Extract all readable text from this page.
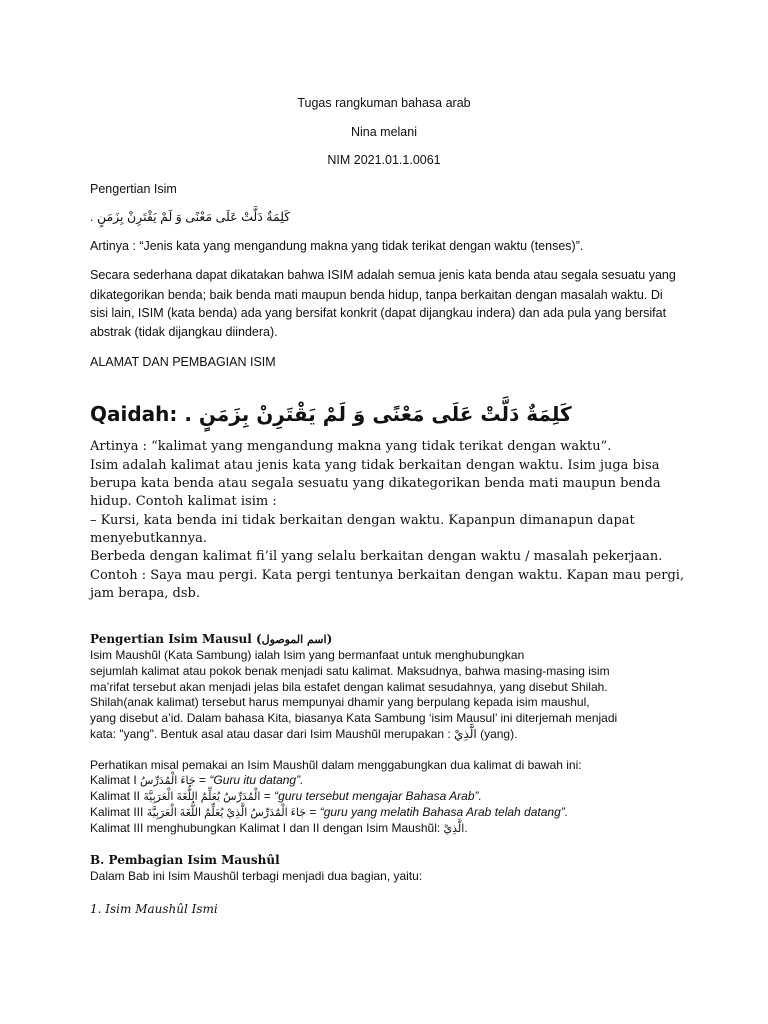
Tugas rangkuman bahasa arab

Nina melani

NIM 2021.01.1.0061

Pengertian Isim

كَلِمَةٌ دَلَّتْ عَلَى مَعْنًى وَ لَمْ يَقْتَرِنْ بِزَمَنٍ .

Artinya : “Jenis kata yang mengandung makna yang tidak terikat dengan waktu (tenses)”.

Secara sederhana dapat dikatakan bahwa ISIM adalah semua jenis kata benda atau segala sesuatu yang

dikategorikan benda; baik benda mati maupun benda hidup, tanpa berkaitan dengan masalah waktu. Di

sisi lain, ISIM (kata benda) ada yang bersifat konkrit (dapat dijangkau indera) dan ada pula yang bersifat

abstrak (tidak dijangkau diindera).

ALAMAT DAN PEMBAGIAN ISIM

Qaidah: كَلِمَةٌ دَلَّتْ عَلَى مَعْنًى وَ لَمْ يَقْتَرِنْ بِزَمَنٍ .

Artinya : “kalimat yang mengandung makna yang tidak terikat dengan waktu”.

Isim adalah kalimat atau jenis kata yang tidak berkaitan dengan waktu. Isim juga bisa

berupa kata benda atau segala sesuatu yang dikategorikan benda mati maupun benda

hidup. Contoh kalimat isim :

– Kursi, kata benda ini tidak berkaitan dengan waktu. Kapanpun dimanapun dapat

menyebutkannya.

Berbeda dengan kalimat fi’il yang selalu berkaitan dengan waktu / masalah pekerjaan.

Contoh : Saya mau pergi. Kata pergi tentunya berkaitan dengan waktu. Kapan mau pergi,

jam berapa, dsb.

Pengertian Isim Mausul (اسم الموصول)

Isim Maushũl (Kata Sambung) ialah Isim yang bermanfaat untuk menghubungkan

sejumlah kalimat atau pokok benak menjadi satu kalimat. Maksudnya, bahwa masing-masing isim

ma’rifat tersebut akan menjadi jelas bila estafet dengan kalimat sesudahnya, yang disebut Shilah.

Shilah(anak kalimat) tersebut harus mempunyai dhamir yang berpulang kepada isim maushul,

yang disebut a’id. Dalam bahasa Kita, biasanya Kata Sambung ‘isim Mausul’ ini diterjemah menjadi

kata: "yang". Bentuk asal atau dasar dari Isim Maushũl merupakan : الَّذِيْ (yang).

Perhatikan misal pemakai an Isim Maushũl dalam menggabungkan dua kalimat di bawah ini:

Kalimat I جَاءَ الْمُدَرِّسُ = “Guru itu datang”.

Kalimat II الْمُدَرِّسُ يُعَلِّمُ اللُّغَةَ الْعَرَبِيَّةَ = “guru tersebut mengajar Bahasa Arab”.

Kalimat III جَاءَ الْمُدَرِّسُ الَّذِيْ يُعَلِّمُ اللُّغَةَ الْعَرَبِيَّةَ = “guru yang melatih Bahasa Arab telah datang”.

Kalimat III menghubungkan Kalimat I dan II dengan Isim Maushũl: الَّذِيْ.

B. Pembagian Isim Maushûl

Dalam Bab ini Isim Maushũl terbagi menjadi dua bagian, yaitu:

1. Isim Maushûl Ismi
